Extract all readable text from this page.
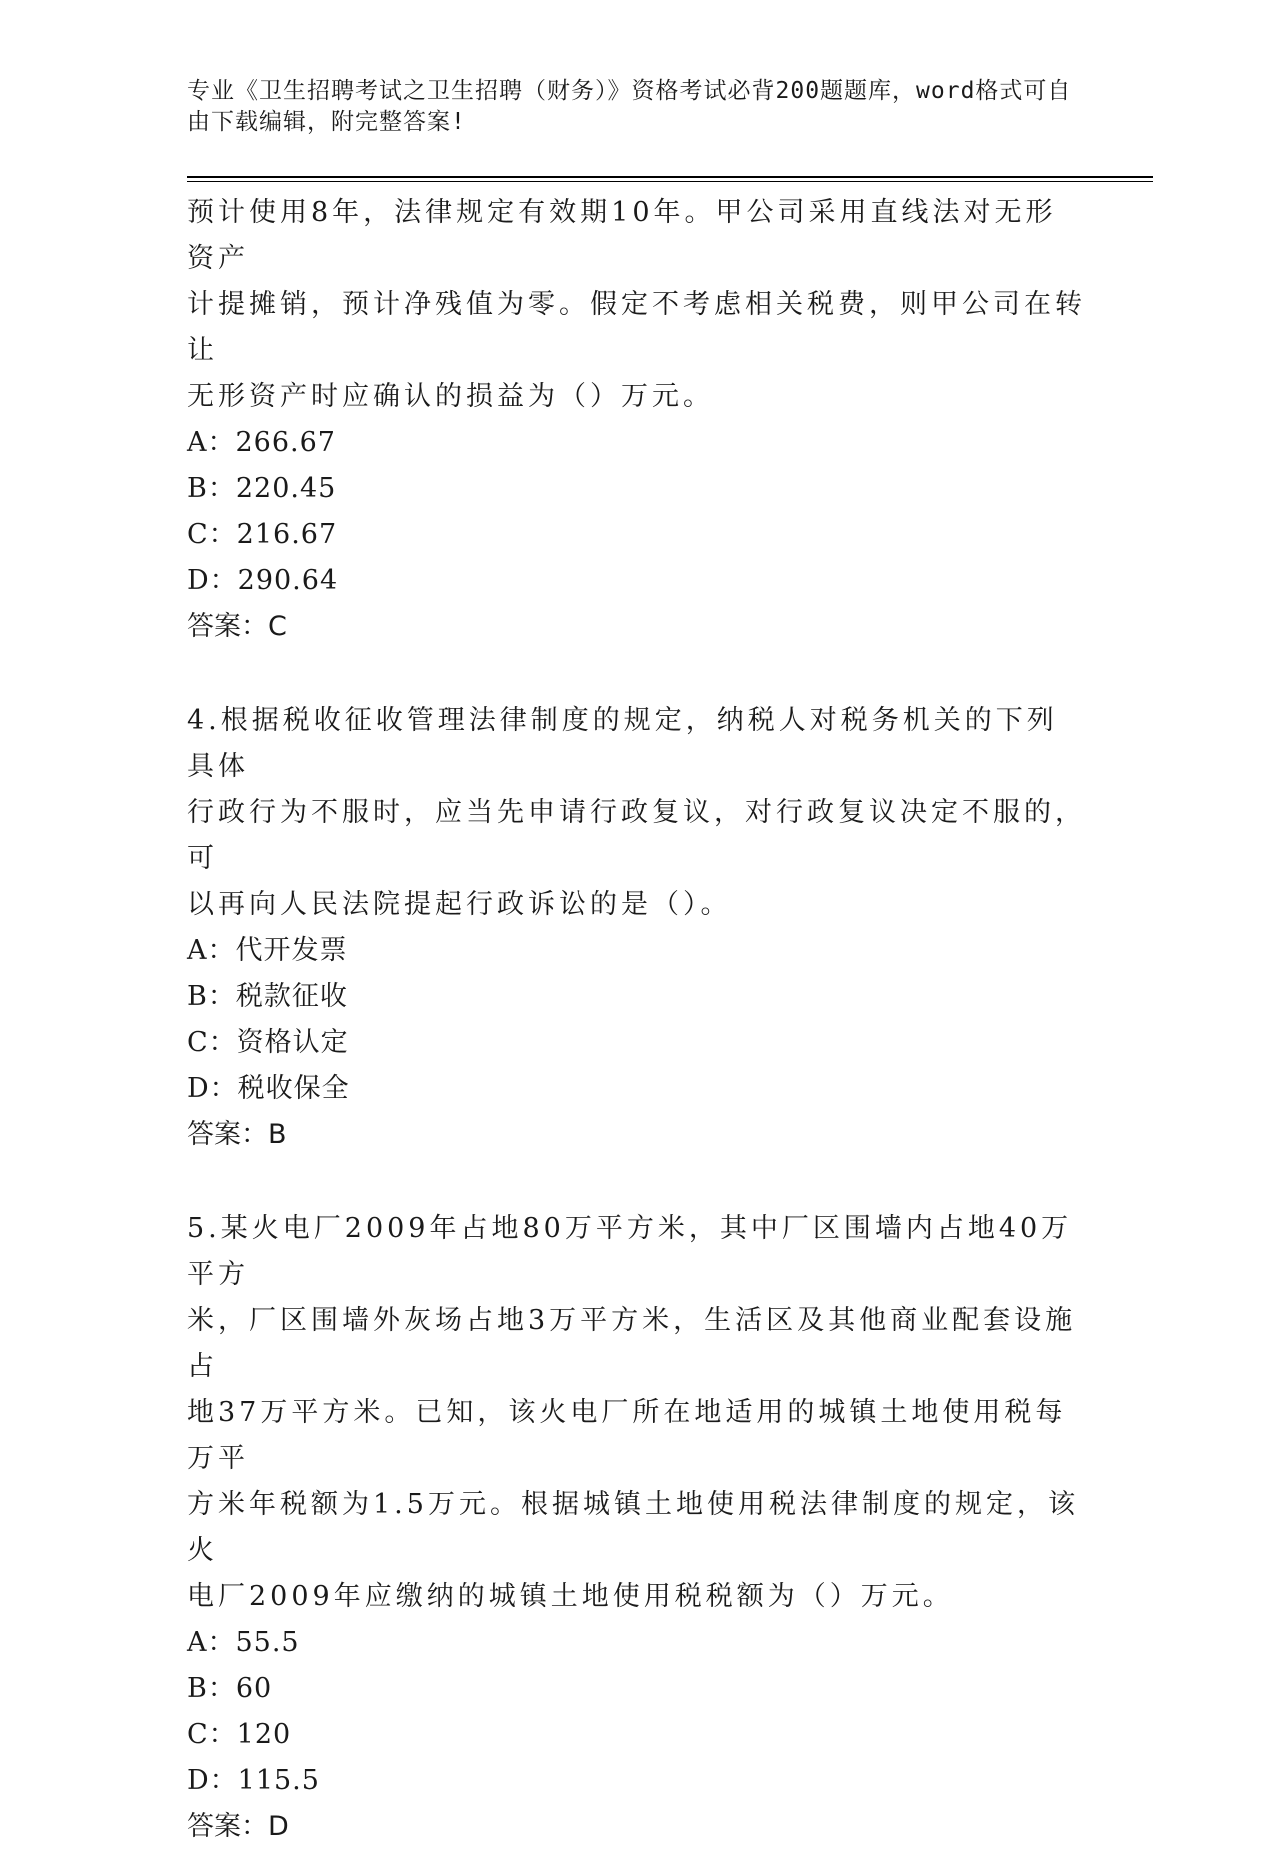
专业《卫生招聘考试之卫生招聘（财务）》资格考试必背200题题库，word格式可自由下载编辑，附完整答案!

预计使用8年，法律规定有效期10年。甲公司采用直线法对无形资产

计提摊销，预计净残值为零。假定不考虑相关税费，则甲公司在转让

无形资产时应确认的损益为（）万元。

A：266.67

B：220.45

C：216.67

D：290.64

答案：C

4.根据税收征收管理法律制度的规定，纳税人对税务机关的下列具体

行政行为不服时，应当先申请行政复议，对行政复议决定不服的，可

以再向人民法院提起行政诉讼的是（）。

A：代开发票

B：税款征收

C：资格认定

D：税收保全

答案：B

5.某火电厂2009年占地80万平方米，其中厂区围墙内占地40万平方

米，厂区围墙外灰场占地3万平方米，生活区及其他商业配套设施占

地37万平方米。已知，该火电厂所在地适用的城镇土地使用税每万平

方米年税额为1.5万元。根据城镇土地使用税法律制度的规定，该火

电厂2009年应缴纳的城镇土地使用税税额为（）万元。

A：55.5

B：60

C：120

D：115.5

答案：D
